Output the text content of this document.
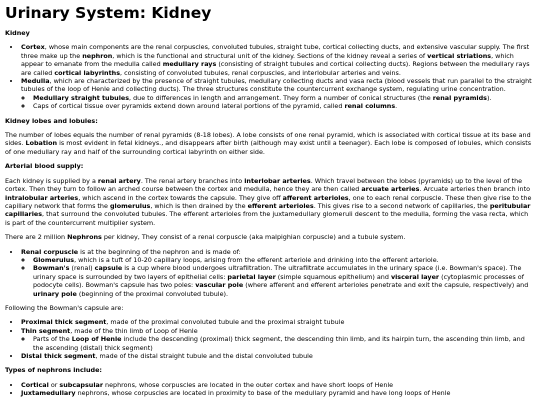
Urinary System: Kidney

Kidney

• Cortex, whose main components are the renal corpuscles, convoluted tubules, straight tube, cortical collecting ducts, and extensive vascular supply. The first three make up the nephron, which is the functional and structural unit of the kidney. Sections of the kidney reveal a series of vertical striations, which appear to emanate from the medulla called medullary rays (consisting of straight tubules and cortical collecting ducts). Regions between the medullary rays are called cortical labyrinths, consisting of convoluted tubules, renal corpuscles, and interlobular arteries and veins.
• Medulla, which are characterized by the presence of straight tubules, medullary collecting ducts and vasa recta (blood vessels that run parallel to the straight tubules of the loop of Henle and collecting ducts). The three structures constitute the countercurrent exchange system, regulating urine concentration.
◦ Medullary straight tubules, due to differences in length and arrangement. They form a number of conical structures (the renal pyramids).
◦ Caps of cortical tissue over pyramids extend down around lateral portions of the pyramid, called renal columns.

Kidney lobes and lobules:

The number of lobes equals the number of renal pyramids (8-18 lobes). A lobe consists of one renal pyramid, which is associated with cortical tissue at its base and sides. Lobation is most evident in fetal kidneys., and disappears after birth (although may exist until a teenager). Each lobe is composed of lobules, which consists of one medullary ray and half of the surrounding cortical labyrinth on either side.

Arterial blood supply:

Each kidney is supplied by a renal artery. The renal artery branches into interlobar arteries. Which travel between the lobes (pyramids) up to the level of the cortex. Then they turn to follow an arched course between the cortex and medulla, hence they are then called arcuate arteries. Arcuate arteries then branch into intralobular arteries, which ascend in the cortex towards the capsule. They give off afferent arterioles, one to each renal corpuscle. These then give rise to the capillary network that forms the glomerulus, which is then drained by the efferent arterioles. This gives rise to a second network of capillaries, the peritubular capillaries, that surround the convoluted tubules. The efferent arterioles from the juxtamedullary glomeruli descent to the medulla, forming the vasa recta, which is part of the countercurrent multiplier system.

There are 2 million Nephrons per kidney, They consist of a renal corpuscle (aka malpighian corpuscle) and a tubule system.

• Renal corpuscle is at the beginning of the nephron and is made of:
◦ Glomerulus, which is a tuft of 10-20 capillary loops, arising from the efferent arteriole and drinking into the efferent arteriole.
◦ Bowman's (renal) capsule is a cup where blood undergoes ultrafiltration. The ultrafiltrate accumulates in the urinary space (i.e. Bowman's space). The urinary space is surrounded by two layers of epithelial cells: parietal layer (simple squamous epithelium) and visceral layer (cytoplasmic processes of podocyte cells). Bowman's capsule has two poles: vascular pole (where afferent and efferent arterioles penetrate and exit the capsule, respectively) and urinary pole (beginning of the proximal convoluted tubule).

Following the Bowman's capsule are:

• Proximal thick segment, made of the proximal convoluted tubule and the proximal straight tubule
• Thin segment, made of the thin limb of Loop of Henle
◦ Parts of the Loop of Henle include the descending (proximal) thick segment, the descending thin limb, and its hairpin turn, the ascending thin limb, and the ascending (distal) thick segment)
• Distal thick segment, made of the distal straight tubule and the distal convoluted tubule

Types of nephrons include:

• Cortical or subcapsular nephrons, whose corpuscles are located in the outer cortex and have short loops of Henle
• Juxtamedullary nephrons, whose corpuscles are located in proximity to base of the medullary pyramid and have long loops of Henle
